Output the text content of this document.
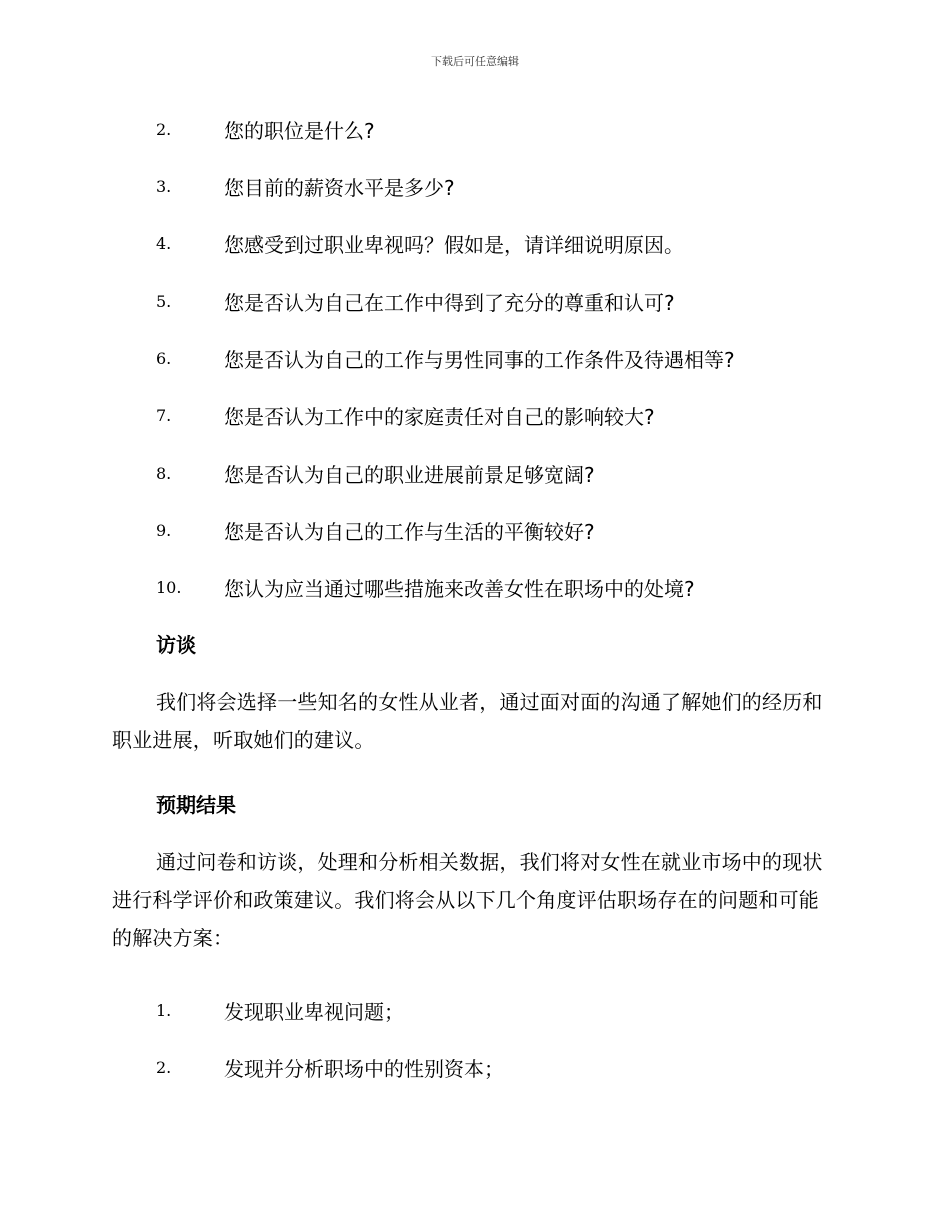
下载后可任意编辑
2.	您的职位是什么?
3.	您目前的薪资水平是多少?
4.	您感受到过职业卑视吗？假如是，请详细说明原因。
5.	您是否认为自己在工作中得到了充分的尊重和认可?
6.	您是否认为自己的工作与男性同事的工作条件及待遇相等?
7.	您是否认为工作中的家庭责任对自己的影响较大?
8.	您是否认为自己的职业进展前景足够宽阔?
9.	您是否认为自己的工作与生活的平衡较好?
10.	您认为应当通过哪些措施来改善女性在职场中的处境?
访谈

我们将会选择一些知名的女性从业者，通过面对面的沟通了解她们的经历和职业进展，听取她们的建议。

预期结果

通过问卷和访谈，处理和分析相关数据，我们将对女性在就业市场中的现状进行科学评价和政策建议。我们将会从以下几个角度评估职场存在的问题和可能的解决方案：

1.	发现职业卑视问题；
2.	发现并分析职场中的性别资本；
